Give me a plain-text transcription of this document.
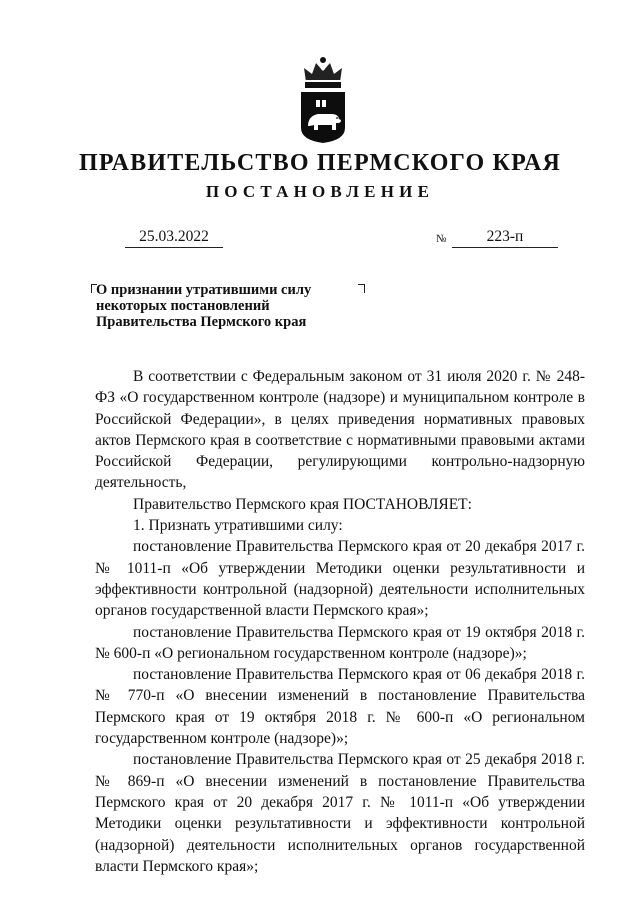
ПРАВИТЕЛЬСТВО ПЕРМСКОГО КРАЯ
ПОСТАНОВЛЕНИЕ
25.03.2022	№	223-п
О признании утратившими силу
некоторых постановлений
Правительства Пермского края

В соответствии с Федеральным законом от 31 июля 2020 г. № 248-ФЗ «О государственном контроле (надзоре) и муниципальном контроле в Российской Федерации», в целях приведения нормативных правовых актов Пермского края в соответствие с нормативными правовыми актами Российской Федерации, регулирующими контрольно-надзорную деятельность,

Правительство Пермского края ПОСТАНОВЛЯЕТ:

1. Признать утратившими силу:

постановление Правительства Пермского края от 20 декабря 2017 г. № 1011-п «Об утверждении Методики оценки результативности и эффективности контрольной (надзорной) деятельности исполнительных органов государственной власти Пермского края»;

постановление Правительства Пермского края от 19 октября 2018 г. № 600-п «О региональном государственном контроле (надзоре)»;

постановление Правительства Пермского края от 06 декабря 2018 г. № 770-п «О внесении изменений в постановление Правительства Пермского края от 19 октября 2018 г. № 600-п «О региональном государственном контроле (надзоре)»;

постановление Правительства Пермского края от 25 декабря 2018 г. № 869-п «О внесении изменений в постановление Правительства Пермского края от 20 декабря 2017 г. № 1011-п «Об утверждении Методики оценки результативности и эффективности контрольной (надзорной) деятельности исполнительных органов государственной власти Пермского края»;
